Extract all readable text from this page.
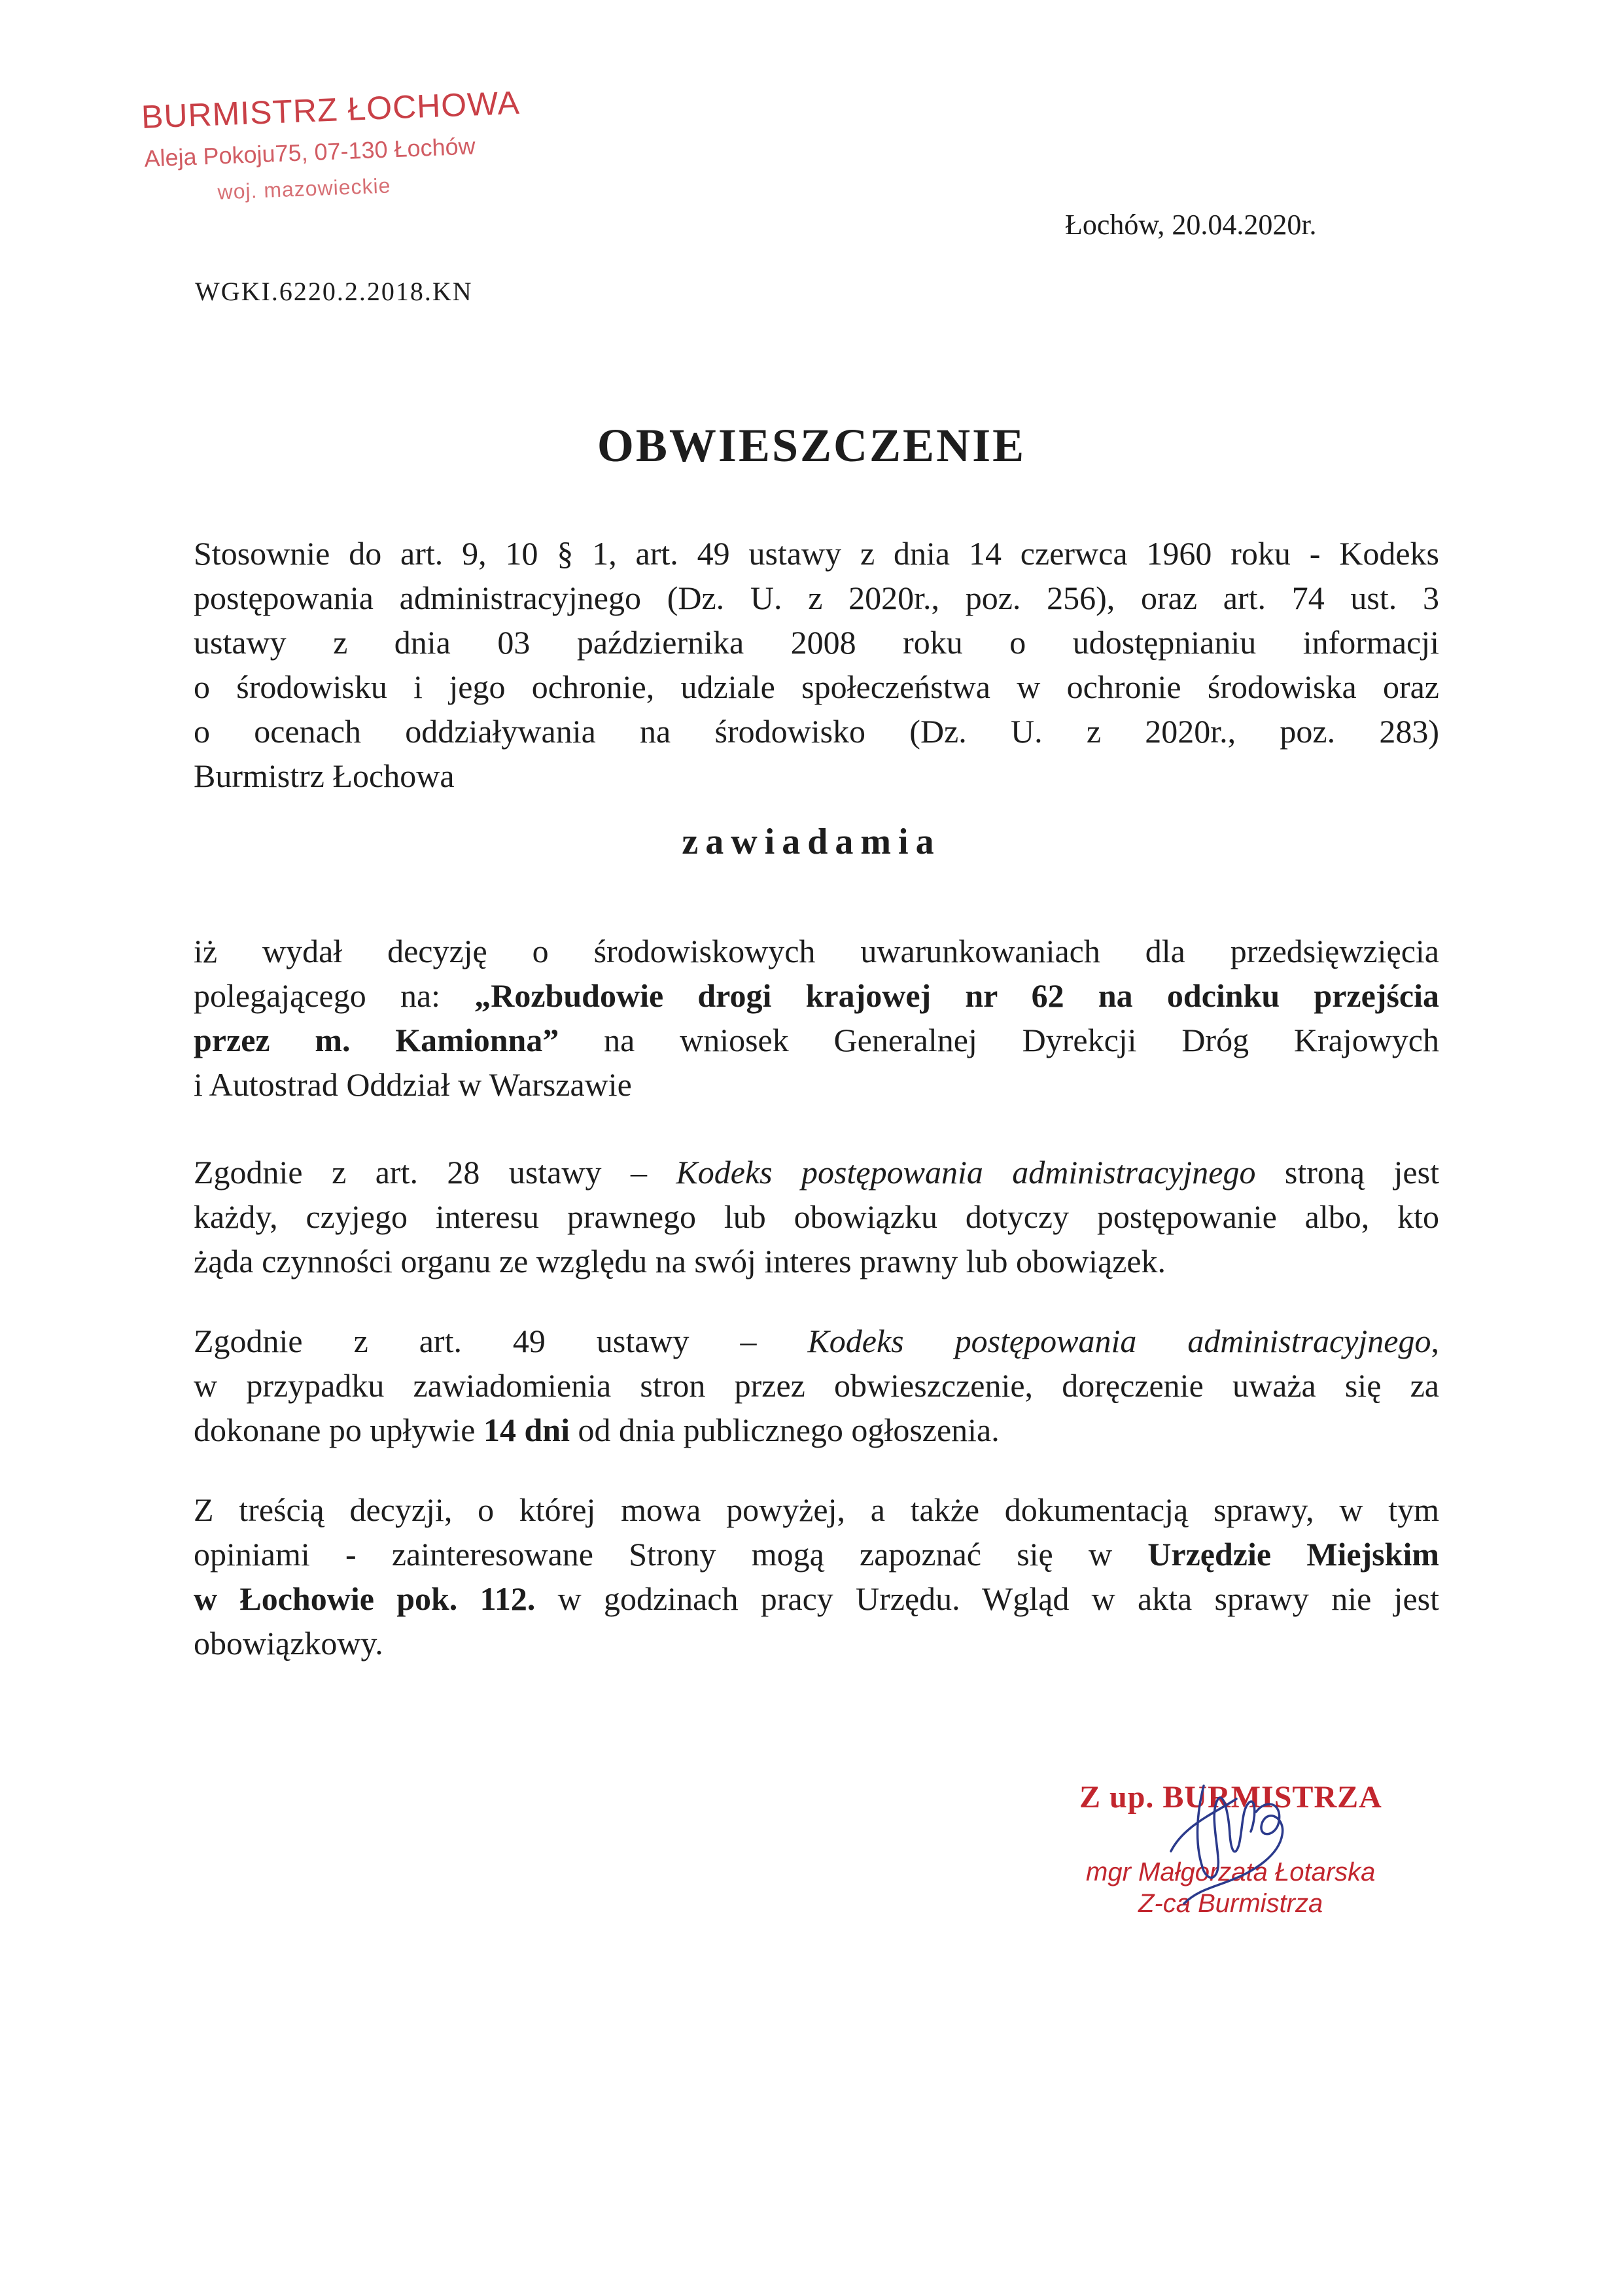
BURMISTRZ ŁOCHOWA
Aleja Pokoju75, 07-130 Łochów
woj. mazowieckie
Łochów, 20.04.2020r.
WGKI.6220.2.2018.KN
OBWIESZCZENIE
Stosownie do art. 9, 10 § 1, art. 49 ustawy z dnia 14 czerwca 1960 roku - Kodeks
postępowania administracyjnego (Dz. U. z 2020r., poz. 256), oraz art. 74 ust. 3
ustawy z dnia 03 października 2008 roku o udostępnianiu informacji
o środowisku i jego ochronie, udziale społeczeństwa w ochronie środowiska oraz
o ocenach oddziaływania na środowisko (Dz. U. z 2020r., poz. 283)
Burmistrz Łochowa
zawiadamia
iż wydał decyzję o środowiskowych uwarunkowaniach dla przedsięwzięcia
polegającego na: „Rozbudowie drogi krajowej nr 62 na odcinku przejścia
przez m. Kamionna” na wniosek Generalnej Dyrekcji Dróg Krajowych
i Autostrad Oddział w Warszawie
Zgodnie z art. 28 ustawy – Kodeks postępowania administracyjnego stroną jest
każdy, czyjego interesu prawnego lub obowiązku dotyczy postępowanie albo, kto
żąda czynności organu ze względu na swój interes prawny lub obowiązek.
Zgodnie z art. 49 ustawy – Kodeks postępowania administracyjnego,
w przypadku zawiadomienia stron przez obwieszczenie, doręczenie uważa się za
dokonane po upływie 14 dni od dnia publicznego ogłoszenia.
Z treścią decyzji, o której mowa powyżej, a także dokumentacją sprawy, w tym
opiniami - zainteresowane Strony mogą zapoznać się w Urzędzie Miejskim
w Łochowie pok. 112. w godzinach pracy Urzędu. Wgląd w akta sprawy nie jest
obowiązkowy.
Z up. BURMISTRZA
mgr Małgorzata Łotarska
Z-ca Burmistrza
